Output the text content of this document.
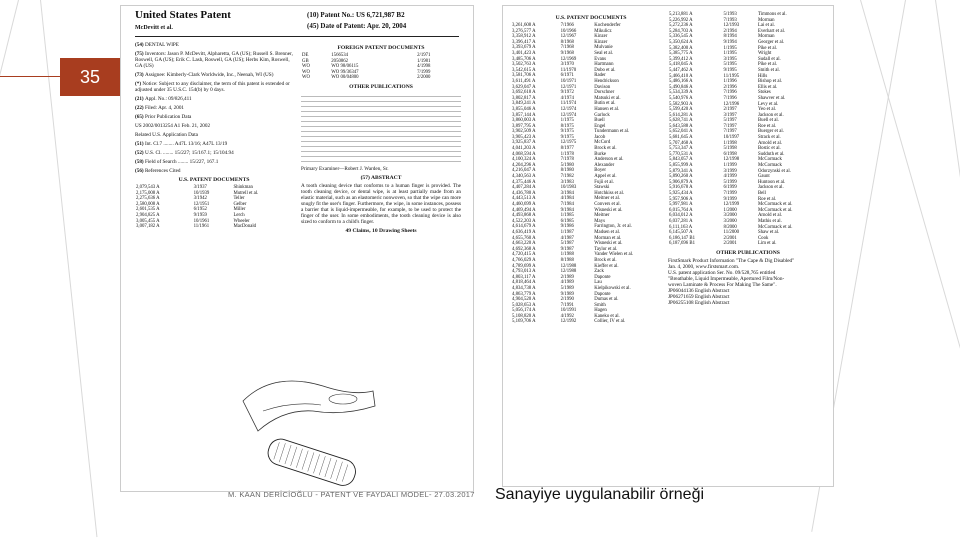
35
United States Patent
McDevitt et al.
(10) Patent No.: US 6,721,987 B2
(45) Date of Patent: Apr. 20, 2004
(54) DENTAL WIPE
(75) Inventors: Jason P. McDevitt, Alpharetta, GA (US); Russell S. Brenner, Roswell, GA (US); Erik C. Lash, Roswell, GA (US); Herbs Kim, Roswell, GA (US)
(73) Assignee: Kimberly-Clark Worldwide, Inc., Neenah, WI (US)
(*) Notice: Subject to any disclaimer, the term of this patent is extended or adjusted under 35 U.S.C. 154(b) by 0 days.
(21) Appl. No.: 09/826,411
(22) Filed: Apr. 4, 2001
(65) Prior Publication Data
US 2002/0013254 A1 Feb. 21, 2002
Related U.S. Application Data
(51) Int. Cl.7 ........ A47L 13/16; A47L 13/19
(52) U.S. Cl. ........ 15/227; 15/167.1; 15/104.94
(58) Field of Search ........ 15/227, 167.1
(56) References Cited
U.S. PATENT DOCUMENTS
2,079,543 A	3/1937	Shinkman
2,175,008 A	10/1939	Mutrell et al.
2,275,636 A	3/1942	Teller
2,580,008 A	12/1951	Gelber
2,601,535 A	6/1952	Miller
2,904,825 A	9/1959	Lerch
3,005,455 A	10/1961	Wheeler
3,007,182 A	11/1961	MacDonald
FOREIGN PATENT DOCUMENTS
DE	1566534	2/1971
GB	2050862	1/1981
WO	WO 98/06115	4/1998
WO	WO 99/36347	7/1999
WO	WO 00/04800	2/2000
OTHER PUBLICATIONS
Primary Examiner—Robert J. Warden, Sr.
(57) ABSTRACT
A tooth cleaning device that conforms to a human finger is provided. The tooth cleaning device, or dental wipe, is at least partially made from an elastic material, such as an elastomeric nonwoven, so that the wipe can more snugly fit the user's finger. Furthermore, the wipe, in some instances, possess a barrier that is liquid-impermeable, for example, to be used to protect the finger of the user. In some embodiments, the tooth cleaning device is also sized to conform to a child's finger.
49 Claims, 10 Drawing Sheets
U.S. PATENT DOCUMENTS
3,261,608 A	7/1966	Kochenderfer
3,276,577 A	10/1966	Mikulicz
3,358,912 A	12/1967	Kinzer
3,396,417 A	8/1968	Kinzer
3,393,679 A	7/1968	Mulvanie
3,401,423 A	9/1968	Seal et al.
3,485,706 A	12/1969	Evans
3,502,763 A	3/1970	Hartmann
3,542,615 A	11/1970	Dobo et al.
3,581,706 A	6/1971	Rader
3,611,491 A	10/1971	Hendrickson
3,629,047 A	12/1971	Davison
3,692,618 A	9/1972	Dorschner
3,802,817 A	4/1974	Matsuki et al.
3,849,241 A	11/1974	Butin et al.
3,855,046 A	12/1974	Hansen et al.
3,857,144 A	12/1974	Garlock
3,860,003 A	1/1975	Buell
3,897,795 A	8/1975	Engel
3,902,509 A	9/1975	Tundermann et al.
3,905,423 A	9/1975	Jacob
3,925,837 A	12/1975	McCord
4,041,203 A	8/1977	Brock et al.
4,068,594 A	1/1978	Burke
4,100,324 A	7/1978	Anderson et al.
4,204,296 A	5/1980	Alexander
4,216,047 A	8/1980	Boyer
4,340,563 A	7/1982	Appel et al.
4,375,446 A	3/1983	Fujii et al.
4,407,284 A	10/1983	Stawski
4,436,780 A	3/1984	Hotchkiss et al.
4,443,513 A	4/1984	Meitner et al.
4,460,699 A	7/1984	Convers et al.
4,469,494 A	9/1984	Wisneski et al.
4,493,868 A	1/1985	Meitner
4,522,203 A	6/1985	Mays
4,614,679 A	9/1986	Farrington, Jr. et al.
4,636,419 A	1/1987	Madsen et al.
4,655,760 A	4/1987	Morman et al.
4,663,220 A	5/1987	Wisneski et al.
4,692,368 A	9/1987	Taylor et al.
4,720,415 A	1/1988	Vander Wielen et al.
4,766,029 A	8/1988	Brock et al.
4,789,699 A	12/1988	Kieffer et al.
4,793,013 A	12/1988	Zack
4,803,117 A	2/1989	Daponte
4,818,464 A	4/1989	Lau
4,834,738 A	5/1989	Kielpikowski et al.
4,863,779 A	9/1989	Daponte
4,904,520 A	2/1990	Dumas et al.
5,028,653 A	7/1991	Smith
5,056,174 A	10/1991	Hagen
5,108,820 A	4/1992	Kaneko et al.
5,169,706 A	12/1992	Collier, IV et al.
5,213,881 A	5/1993	Timmons et al.
5,226,992 A	7/1993	Morman
5,272,236 A	12/1993	Lai et al.
5,284,703 A	2/1994	Everhart et al.
5,336,545 A	8/1994	Morman
5,350,624 A	9/1994	Georger et al.
5,382,400 A	1/1995	Pike et al.
5,385,775 A	1/1995	Wright
5,399,412 A	3/1995	Sudall et al.
5,418,045 A	5/1995	Pike et al.
5,447,462 A	9/1995	Smith et al.
5,466,410 A	11/1995	Hills
5,486,166 A	1/1996	Bishop et al.
5,490,846 A	2/1996	Ellis et al.
5,534,339 A	7/1996	Stokes
5,540,976 A	7/1996	Shawver et al.
5,582,903 A	12/1996	Levy et al.
5,599,420 A	2/1997	Yeo et al.
5,614,281 A	3/1997	Jackson et al.
5,628,741 A	5/1997	Buell et al.
5,643,588 A	7/1997	Roe et al.
5,652,041 A	7/1997	Buerger et al.
5,681,645 A	10/1997	Strack et al.
5,707,468 A	1/1998	Arnold et al.
5,753,347 A	5/1998	Bostic et al.
5,770,531 A	6/1998	Sudduth et al.
5,843,057 A	12/1998	McCormack
5,855,999 A	1/1999	McCormack
5,879,341 A	3/1999	Odorzynski et al.
5,890,260 A	4/1999	Gaunt
5,906,879 A	5/1999	Huntoon et al.
5,916,678 A	6/1999	Jackson et al.
5,925,434 A	7/1999	Bell
5,957,906 A	9/1999	Roe et al.
5,997,981 A	12/1999	McCormack et al.
6,015,764 A	1/2000	McCormack et al.
6,034,012 A	3/2000	Arnold et al.
6,037,281 A	3/2000	Mathis et al.
6,111,163 A	8/2000	McCormack et al.
6,145,507 A	11/2000	Shaw et al.
6,186,147 B1	2/2001	Cook
6,187,696 B1	2/2001	Lim et al.
OTHER PUBLICATIONS
FirstSmark Product Information "The Cape & Dig Disabled"
Jan. 4, 2000, www.firstsmart.com.
U.S. patent application Ser. No. 09/528,765 entitled
"Breathable, Liquid Impermeable, Apertured Film/Non-
woven Laminate & Process For Making The Same".
JP06044136 English Abstract
JP06271659 English Abstract
JP06255108 English Abstract
M. KAAN DERİCİOĞLU - PATENT VE FAYDALI MODEL- 27.03.2017 Sanayiye uygulanabilir örneği
